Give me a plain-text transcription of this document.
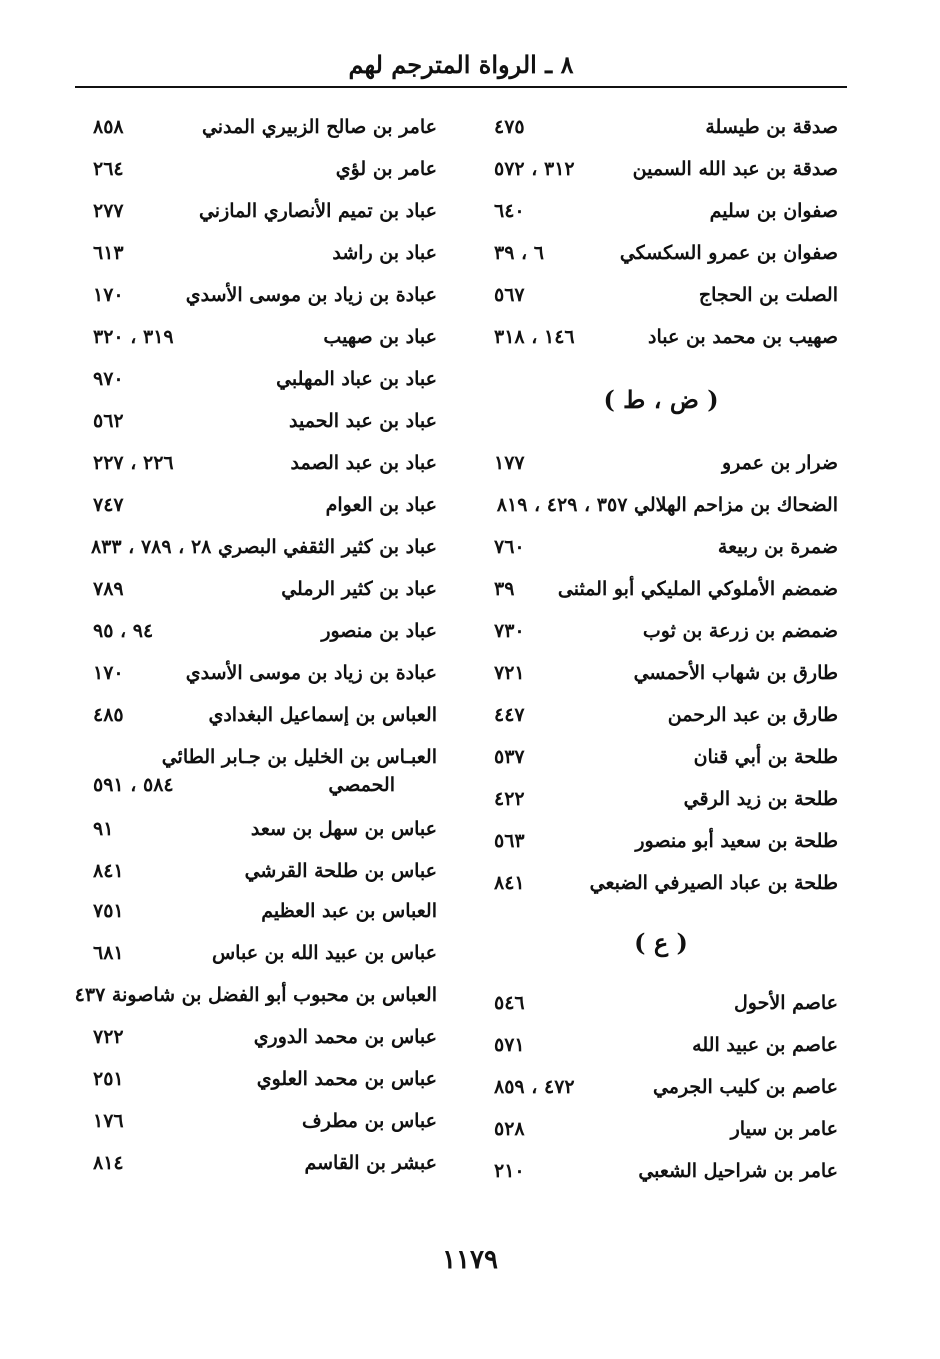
٨ ـ الرواة المترجم لهم
صدقة بن طيسلة
٤٧٥
صدقة بن عبد الله السمين
٣١٢ ، ٥٧٢
صفوان بن سليم
٦٤٠
صفوان بن عمرو السكسكي
٦ ، ٣٩
الصلت بن الحجاج
٥٦٧
صهيب بن محمد بن عباد
١٤٦ ، ٣١٨
( ض ، ط )
ضرار بن عمرو
١٧٧
الضحاك بن مزاحم الهلالي ٣٥٧ ، ٤٢٩ ، ٨١٩
ضمرة بن ربيعة
٧٦٠
ضمضم الأملوكي المليكي أبو المثنى
٣٩
ضمضم بن زرعة بن ثوب
٧٣٠
طارق بن شهاب الأحمسي
٧٢١
طارق بن عبد الرحمن
٤٤٧
طلحة بن أبي قنان
٥٣٧
طلحة بن زيد الرقي
٤٢٢
طلحة بن سعيد أبو منصور
٥٦٣
طلحة بن عباد الصيرفي الضبعي
٨٤١
( ع )
عاصم الأحول
٥٤٦
عاصم بن عبيد الله
٥٧١
عاصم بن كليب الجرمي
٤٧٢ ، ٨٥٩
عامر بن سيار
٥٢٨
عامر بن شراحيل الشعبي
٢١٠
عامر بن صالح الزبيري المدني
٨٥٨
عامر بن لؤي
٢٦٤
عباد بن تميم الأنصاري المازني
٢٧٧
عباد بن راشد
٦١٣
عبادة بن زياد بن موسى الأسدي
١٧٠
عباد بن صهيب
٣١٩ ، ٣٢٠
عباد بن عباد المهلبي
٩٧٠
عباد بن عبد الحميد
٥٦٢
عباد بن عبد الصمد
٢٢٦ ، ٢٢٧
عباد بن العوام
٧٤٧
عباد بن كثير الثقفي البصري ٢٨ ، ٧٨٩ ، ٨٣٣
عباد بن كثير الرملي
٧٨٩
عباد بن منصور
٩٤ ، ٩٥
عبادة بن زياد بن موسى الأسدي
١٧٠
العباس بن إسماعيل البغدادي
٤٨٥
العبـاس بن الخليل بن جـابر الطائي
الحمصي
٥٨٤ ، ٥٩١
عباس بن سهل بن سعد
٩١
عباس بن طلحة القرشي
٨٤١
العباس بن عبد العظيم
٧٥١
عباس بن عبيد الله بن عباس
٦٨١
العباس بن محبوب أبو الفضل بن شاصونة ٤٣٧
عباس بن محمد الدوري
٧٢٢
عباس بن محمد العلوي
٢٥١
عباس بن مطرف
١٧٦
عبشر بن القاسم
٨١٤
١١٧٩
